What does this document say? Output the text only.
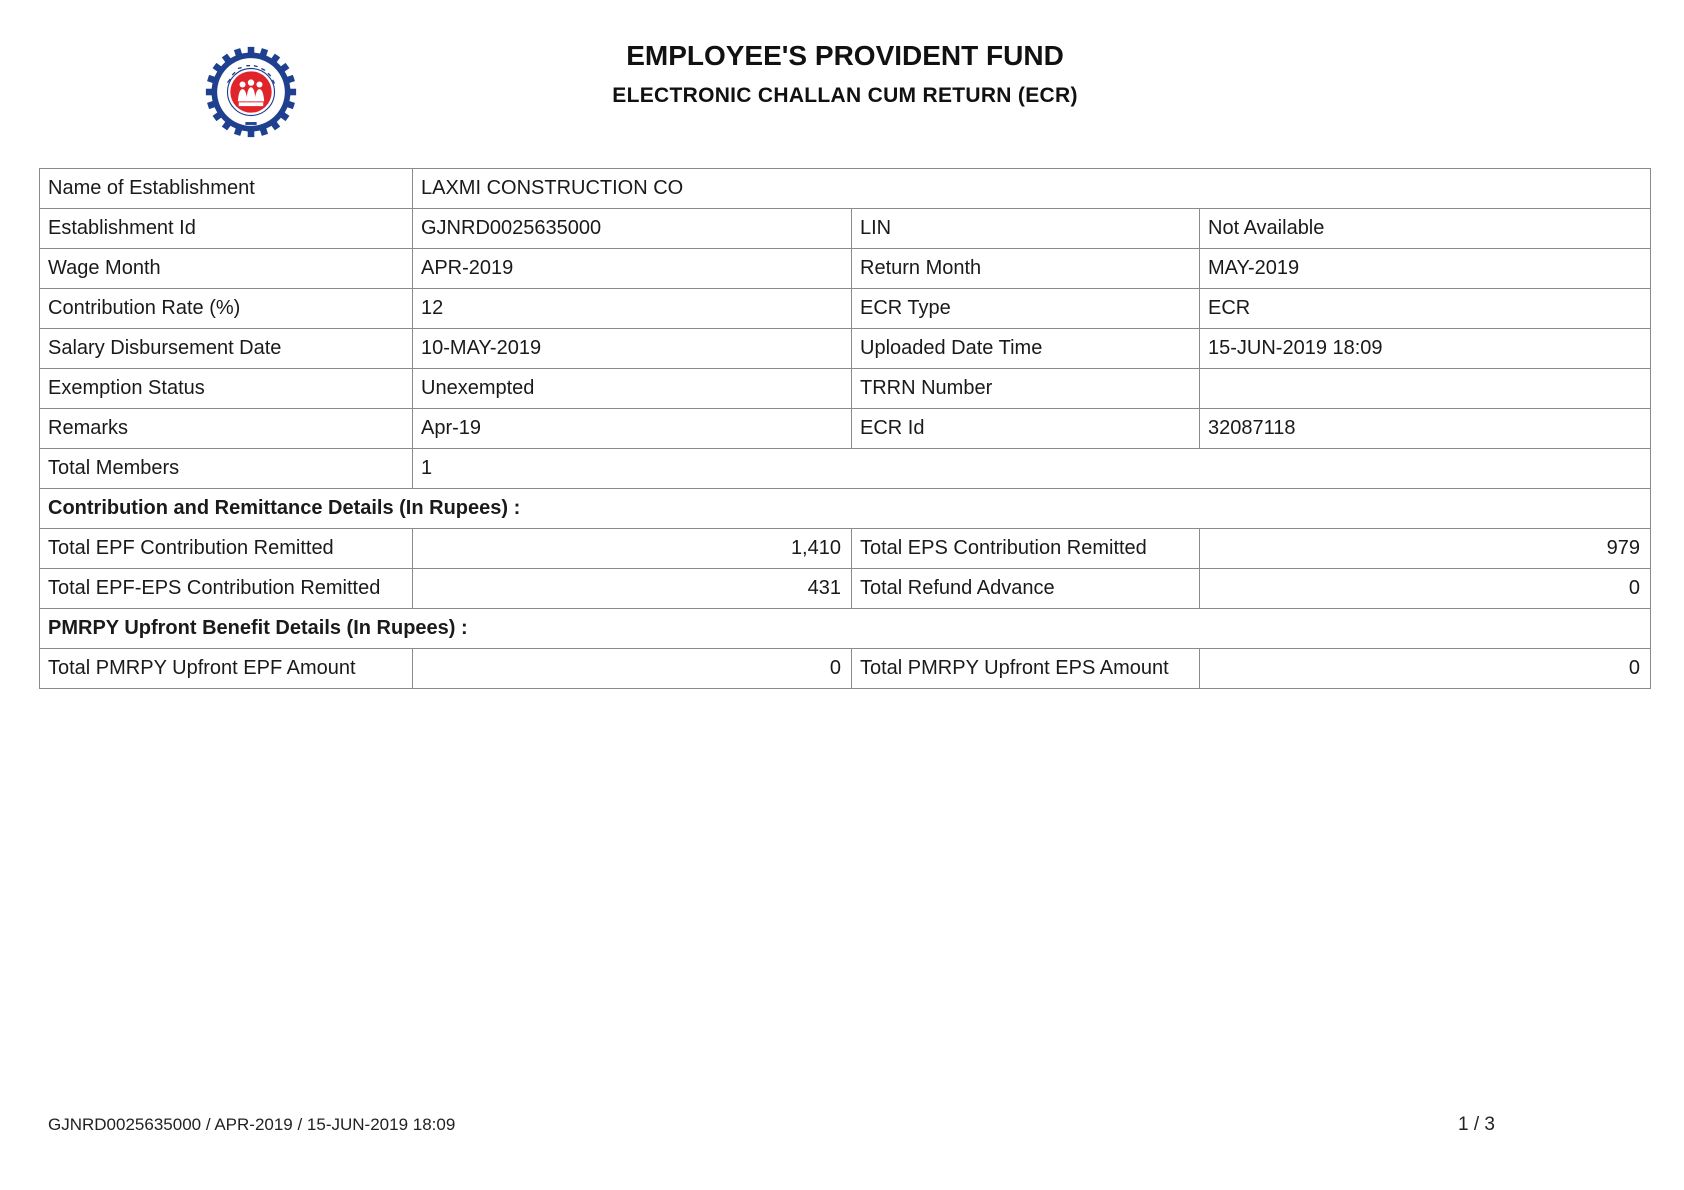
EMPLOYEE'S PROVIDENT FUND
ELECTRONIC CHALLAN CUM RETURN (ECR)
Name of Establishment	LAXMI CONSTRUCTION CO		
Establishment Id	GJNRD0025635000	LIN	Not Available
Wage Month	APR-2019	Return Month	MAY-2019
Contribution Rate (%)	12	ECR Type	ECR
Salary Disbursement Date	10-MAY-2019	Uploaded Date Time	15-JUN-2019 18:09
Exemption Status	Unexempted	TRRN Number	
Remarks	Apr-19	ECR Id	32087118
Total Members	1		
Contribution and Remittance Details (In Rupees) :			
Total EPF Contribution Remitted	1,410	Total EPS Contribution Remitted	979
Total EPF-EPS Contribution Remitted	431	Total Refund Advance	0
PMRPY Upfront Benefit Details (In Rupees) :			
Total PMRPY Upfront EPF Amount	0	Total PMRPY Upfront EPS Amount	0
GJNRD0025635000 / APR-2019 / 15-JUN-2019 18:09	1 / 3
